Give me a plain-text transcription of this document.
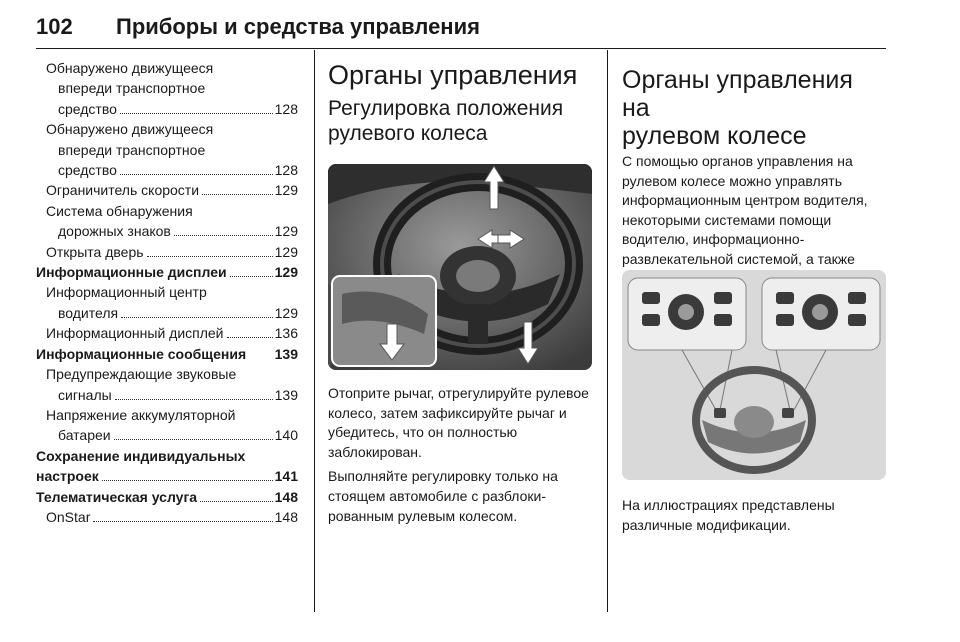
102 Приборы и средства управления
Обнаружено движущееся
впереди транспортное
средство	128
Обнаружено движущееся
впереди транспортное
средство	128
Ограничитель скорости	129
Система обнаружения
дорожных знаков	129
Открыта дверь	129
Информационные дисплеи	129
Информационный центр
водителя	129
Информационный дисплей	136
Информационные сообщения 139
Предупреждающие звуковые
сигналы	139
Напряжение аккумуляторной
батареи	140
Сохранение индивидуальных
настроек	141
Телематическая услуга	148
OnStar	148
Органы управления
Регулировка положения
рулевого колеса

Отоприте рычаг, отрегулируйте рулевое колесо, затем зафиксируйте рычаг и убедитесь, что он полностью заблокирован.

Выполняйте регулировку только на стоящем автомобиле с разблокированным рулевым колесом.

Органы управления на
рулевом колесе

С помощью органов управления на рулевом колесе можно управлять информационным центром водителя, некоторыми системами помощи водителю, информационно-развлекательной системой, а также

На иллюстрациях представлены различные модификации.
